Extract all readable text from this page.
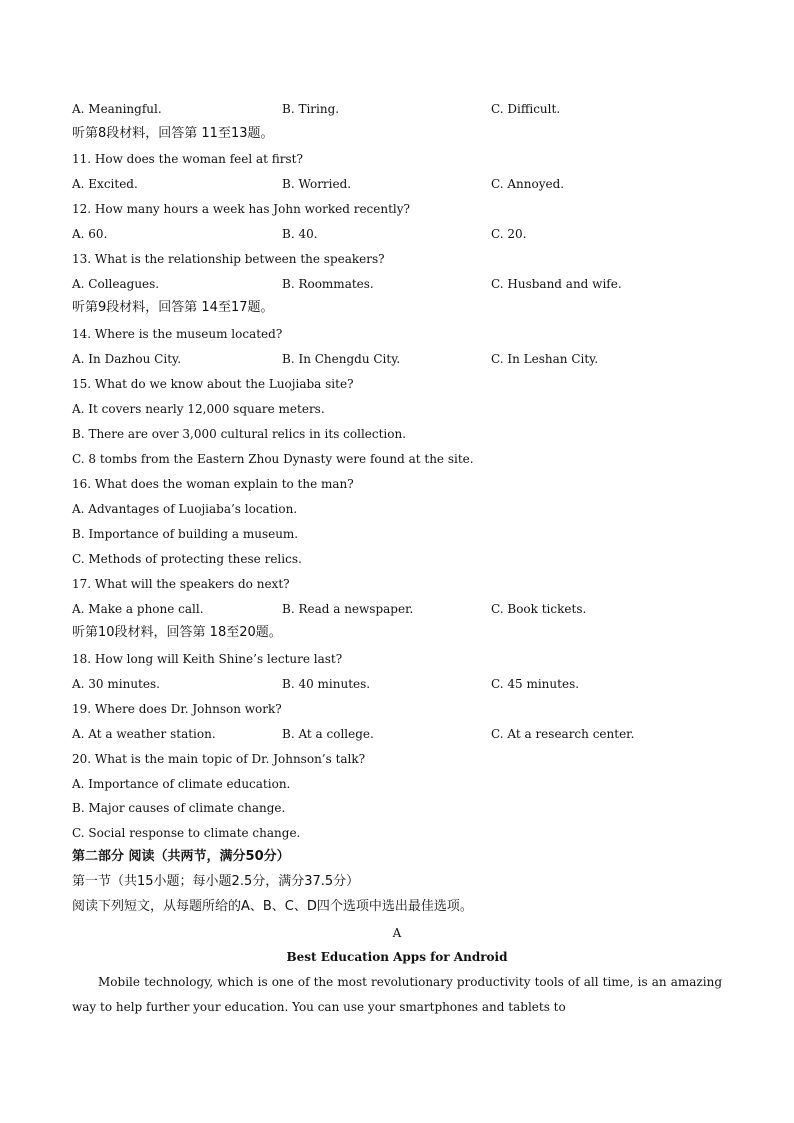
A. Meaningful.	B. Tiring.	C. Difficult.
听第8段材料，回答第 11至13题。
11. How does the woman feel at first?
A. Excited.	B. Worried.	C. Annoyed.
12. How many hours a week has John worked recently?
A. 60.	B. 40.	C. 20.
13. What is the relationship between the speakers?
A. Colleagues.	B. Roommates.	C. Husband and wife.
听第9段材料，回答第 14至17题。
14. Where is the museum located?
A. In Dazhou City.	B. In Chengdu City.	C. In Leshan City.
15. What do we know about the Luojiaba site?
A. It covers nearly 12,000 square meters.
B. There are over 3,000 cultural relics in its collection.
C. 8 tombs from the Eastern Zhou Dynasty were found at the site.
16. What does the woman explain to the man?
A. Advantages of Luojiaba’s location.
B. Importance of building a museum.
C. Methods of protecting these relics.
17. What will the speakers do next?
A. Make a phone call.	B. Read a newspaper.	C. Book tickets.
听第10段材料，回答第 18至20题。
18. How long will Keith Shine’s lecture last?
A. 30 minutes.	B. 40 minutes.	C. 45 minutes.
19. Where does Dr. Johnson work?
A. At a weather station.	B. At a college.	C. At a research center.
20. What is the main topic of Dr. Johnson’s talk?
A. Importance of climate education.
B. Major causes of climate change.
C. Social response to climate change.
第二部分 阅读（共两节，满分50分）
第一节（共15小题；每小题2.5分，满分37.5分）
阅读下列短文，从每题所给的A、B、C、D四个选项中选出最佳选项。
A
Best Education Apps for Android
Mobile technology, which is one of the most revolutionary productivity tools of all time, is an amazing way to help further your education. You can use your smartphones and tablets to
